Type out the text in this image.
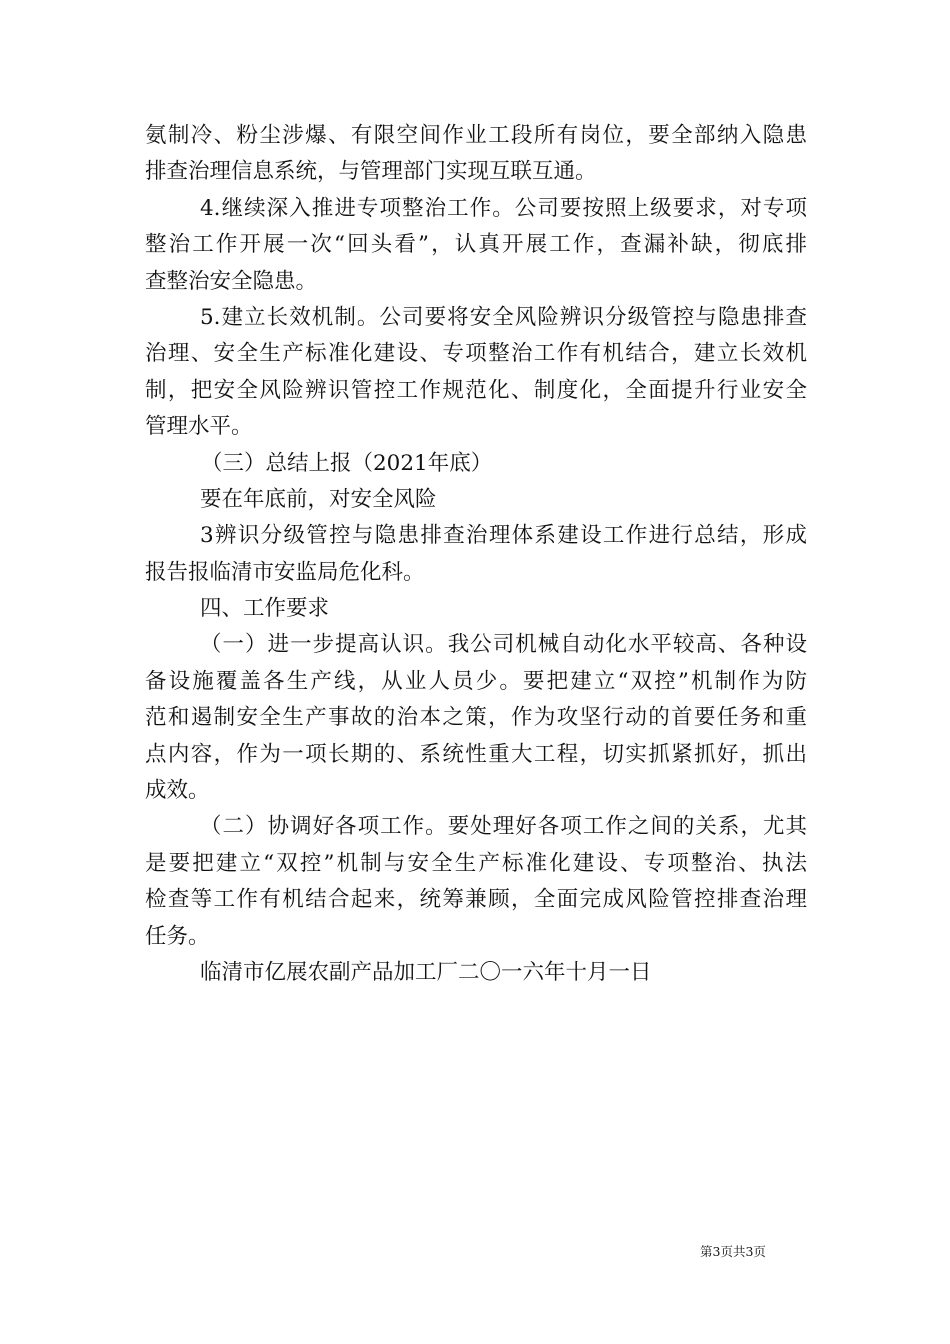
氨制冷、粉尘涉爆、有限空间作业工段所有岗位，要全部纳入隐患

排查治理信息系统，与管理部门实现互联互通。

4.继续深入推进专项整治工作。公司要按照上级要求，对专项

整治工作开展一次“回头看”，认真开展工作，查漏补缺，彻底排

查整治安全隐患。

5.建立长效机制。公司要将安全风险辨识分级管控与隐患排查

治理、安全生产标准化建设、专项整治工作有机结合，建立长效机

制，把安全风险辨识管控工作规范化、制度化，全面提升行业安全

管理水平。

（三）总结上报（2021年底）

要在年底前，对安全风险

3辨识分级管控与隐患排查治理体系建设工作进行总结，形成

报告报临清市安监局危化科。

四、工作要求

（一）进一步提高认识。我公司机械自动化水平较高、各种设

备设施覆盖各生产线，从业人员少。要把建立“双控”机制作为防

范和遏制安全生产事故的治本之策，作为攻坚行动的首要任务和重

点内容，作为一项长期的、系统性重大工程，切实抓紧抓好，抓出

成效。

（二）协调好各项工作。要处理好各项工作之间的关系，尤其

是要把建立“双控”机制与安全生产标准化建设、专项整治、执法

检查等工作有机结合起来，统筹兼顾，全面完成风险管控排查治理

任务。

临清市亿展农副产品加工厂二〇一六年十月一日

第3页共3页
